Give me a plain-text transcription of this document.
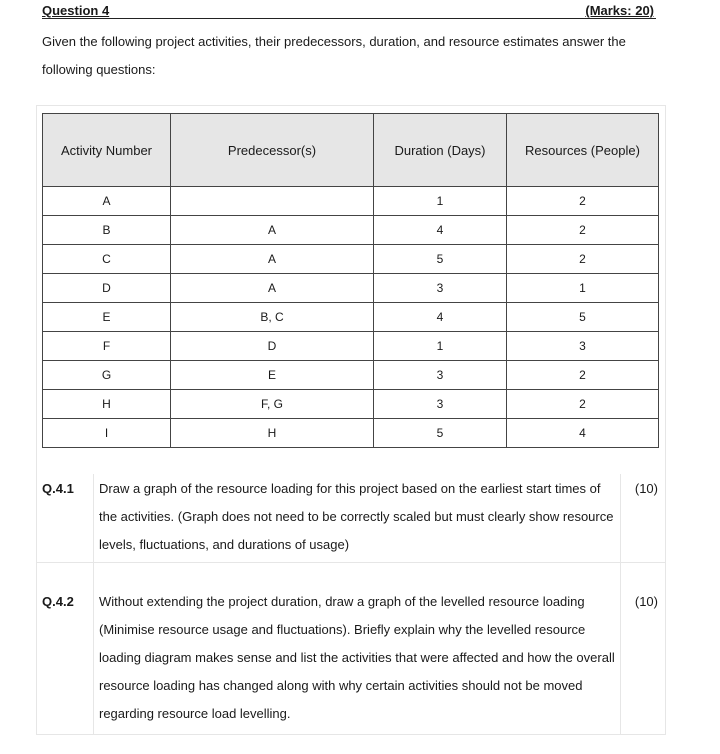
Question 4	(Marks: 20)
Given the following project activities, their predecessors, duration, and resource estimates answer the following questions:
Activity Number	Predecessor(s)	Duration (Days)	Resources (People)
A		1	2
B	A	4	2
C	A	5	2
D	A	3	1
E	B, C	4	5
F	D	1	3
G	E	3	2
H	F, G	3	2
I	H	5	4
Q.4.1 Draw a graph of the resource loading for this project based on the earliest start times of the activities. (Graph does not need to be correctly scaled but must clearly show resource levels, fluctuations, and durations of usage)
(10)
Q.4.2 Without extending the project duration, draw a graph of the levelled resource loading (Minimise resource usage and fluctuations). Briefly explain why the levelled resource loading diagram makes sense and list the activities that were affected and how the overall resource loading has changed along with why certain activities should not be moved regarding resource load levelling.
(10)
